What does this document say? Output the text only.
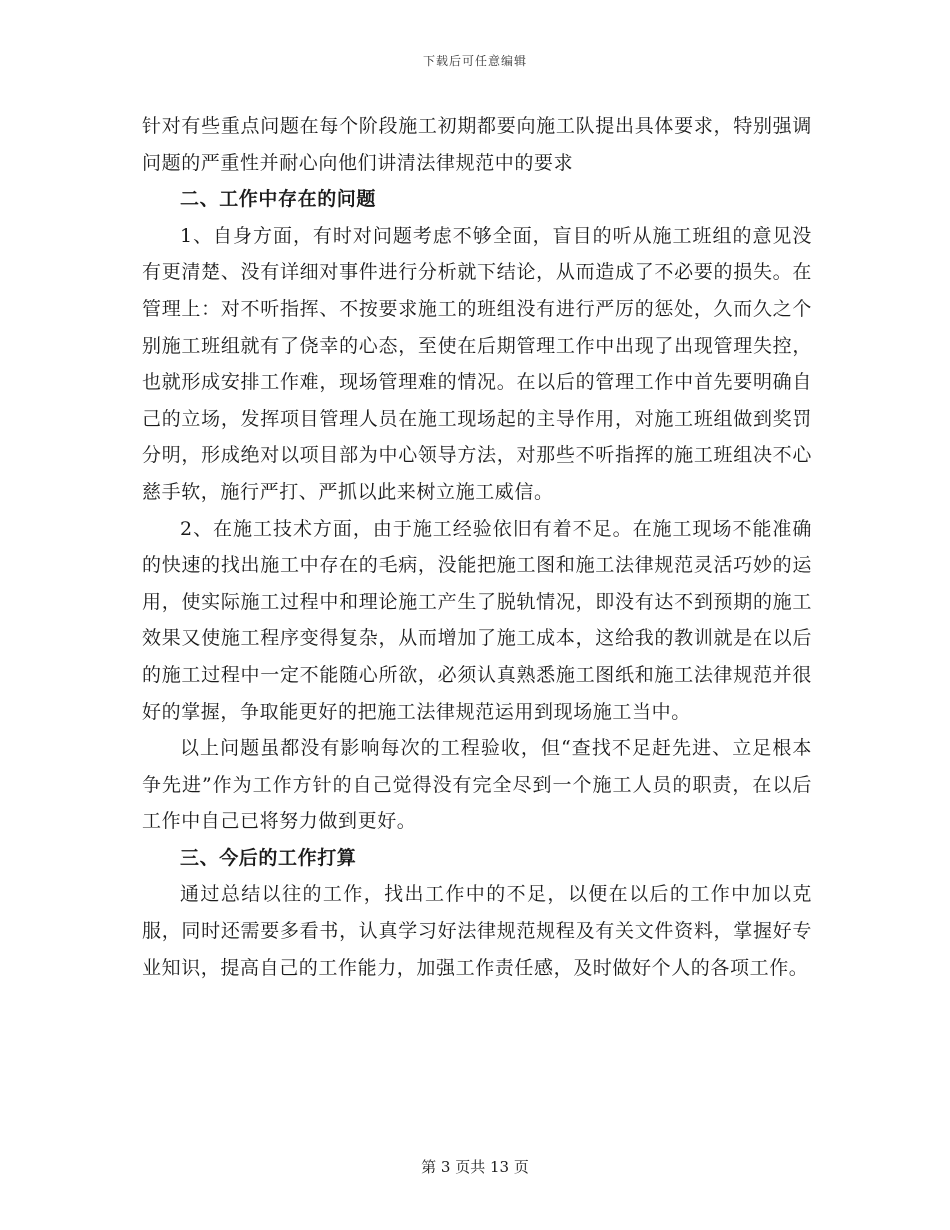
下载后可任意编辑

针对有些重点问题在每个阶段施工初期都要向施工队提出具体要求，特别强调问题的严重性并耐心向他们讲清法律规范中的要求

二、工作中存在的问题

1、自身方面，有时对问题考虑不够全面，盲目的听从施工班组的意见没有更清楚、没有详细对事件进行分析就下结论，从而造成了不必要的损失。在管理上：对不听指挥、不按要求施工的班组没有进行严厉的惩处，久而久之个别施工班组就有了侥幸的心态，至使在后期管理工作中出现了出现管理失控，也就形成安排工作难，现场管理难的情况。在以后的管理工作中首先要明确自己的立场，发挥项目管理人员在施工现场起的主导作用，对施工班组做到奖罚分明，形成绝对以项目部为中心领导方法，对那些不听指挥的施工班组决不心慈手软，施行严打、严抓以此来树立施工威信。

2、在施工技术方面，由于施工经验依旧有着不足。在施工现场不能准确的快速的找出施工中存在的毛病，没能把施工图和施工法律规范灵活巧妙的运用，使实际施工过程中和理论施工产生了脱轨情况，即没有达不到预期的施工效果又使施工程序变得复杂，从而增加了施工成本，这给我的教训就是在以后的施工过程中一定不能随心所欲，必须认真熟悉施工图纸和施工法律规范并很好的掌握，争取能更好的把施工法律规范运用到现场施工当中。

以上问题虽都没有影响每次的工程验收，但“查找不足赶先进、立足根本争先进”作为工作方针的自己觉得没有完全尽到一个施工人员的职责，在以后工作中自己已将努力做到更好。

三、今后的工作打算

通过总结以往的工作，找出工作中的不足，以便在以后的工作中加以克服，同时还需要多看书，认真学习好法律规范规程及有关文件资料，掌握好专业知识，提高自己的工作能力，加强工作责任感，及时做好个人的各项工作。

第 3 页共 13 页
